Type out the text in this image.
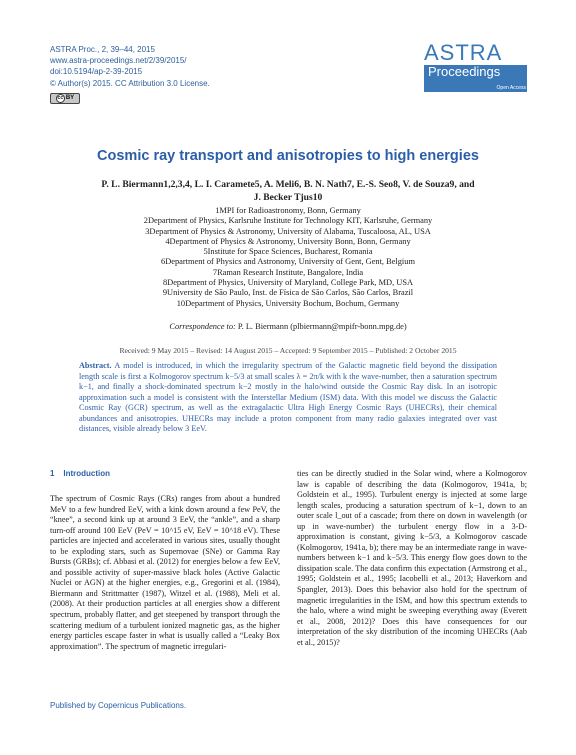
ASTRA Proc., 2, 39–44, 2015
www.astra-proceedings.net/2/39/2015/
doi:10.5194/ap-2-39-2015
© Author(s) 2015. CC Attribution 3.0 License.
cc BY
ASTRA
Proceedings
Open Access
Cosmic ray transport and anisotropies to high energies
P. L. Biermann1,2,3,4, L. I. Caramete5, A. Meli6, B. N. Nath7, E.-S. Seo8, V. de Souza9, and
J. Becker Tjus10
1MPI for Radioastronomy, Bonn, Germany
2Department of Physics, Karlsruhe Institute for Technology KIT, Karlsruhe, Germany
3Department of Physics & Astronomy, University of Alabama, Tuscaloosa, AL, USA
4Department of Physics & Astronomy, University Bonn, Bonn, Germany
5Institute for Space Sciences, Bucharest, Romania
6Department of Physics and Astronomy, University of Gent, Gent, Belgium
7Raman Research Institute, Bangalore, India
8Department of Physics, University of Maryland, College Park, MD, USA
9University de São Paulo, Inst. de Física de São Carlos, São Carlos, Brazil
10Department of Physics, University Bochum, Bochum, Germany
Correspondence to: P. L. Biermann (plbiermann@mpifr-bonn.mpg.de)
Received: 9 May 2015 – Revised: 14 August 2015 – Accepted: 9 September 2015 – Published: 2 October 2015
Abstract. A model is introduced, in which the irregularity spectrum of the Galactic magnetic field beyond the dissipation length scale is first a Kolmogorov spectrum k−5/3 at small scales λ = 2π/k with k the wave-number, then a saturation spectrum k−1, and finally a shock-dominated spectrum k−2 mostly in the halo/wind outside the Cosmic Ray disk. In an isotropic approximation such a model is consistent with the Interstellar Medium (ISM) data. With this model we discuss the Galactic Cosmic Ray (GCR) spectrum, as well as the extragalactic Ultra High Energy Cosmic Rays (UHECRs), their chemical abundances and anisotropies. UHECRs may include a proton component from many radio galaxies integrated over vast distances, visible already below 3 EeV.
1 Introduction

The spectrum of Cosmic Rays (CRs) ranges from about a hundred MeV to a few hundred EeV, with a kink down around a few PeV, the “knee”, a second kink up at around 3 EeV, the “ankle”, and a sharp turn-off around 100 EeV (PeV = 10^15 eV, EeV = 10^18 eV). These particles are injected and accelerated in various sites, usually thought to be exploding stars, such as Supernovae (SNe) or Gamma Ray Bursts (GRBs); cf. Abbasi et al. (2012) for energies below a few EeV, and possible activity of super-massive black holes (Active Galactic Nuclei or AGN) at the higher energies, e.g., Gregorini et al. (1984), Biermann and Strittmatter (1987), Witzel et al. (1988), Meli et al. (2008). At their production particles at all energies show a different spectrum, probably flatter, and get steepened by transport through the scattering medium of a turbulent ionized magnetic gas, as the higher energy particles escape faster in what is usually called a “Leaky Box approximation”. The spectrum of magnetic irregulari-

ties can be directly studied in the Solar wind, where a Kolmogorov law is capable of describing the data (Kolmogorov, 1941a, b; Goldstein et al., 1995). Turbulent energy is injected at some large length scales, producing a saturation spectrum of k−1, down to an outer scale l_out of a cascade; from there on down in wavelength (or up in wave-number) the turbulent energy flow in a 3-D-approximation is constant, giving k−5/3, a Kolmogorov cascade (Kolmogorov, 1941a, b); there may be an intermediate range in wave-numbers between k−1 and k−5/3. This energy flow goes down to the dissipation scale. The data confirm this expectation (Armstrong et al., 1995; Goldstein et al., 1995; Iacobelli et al., 2013; Haverkorn and Spangler, 2013). Does this behavior also hold for the spectrum of magnetic irregularities in the ISM, and how this spectrum extends to the halo, where a wind might be sweeping everything away (Everett et al., 2008, 2012)? Does this have consequences for our interpretation of the sky distribution of the incoming UHECRs (Aab et al., 2015)?

Published by Copernicus Publications.
